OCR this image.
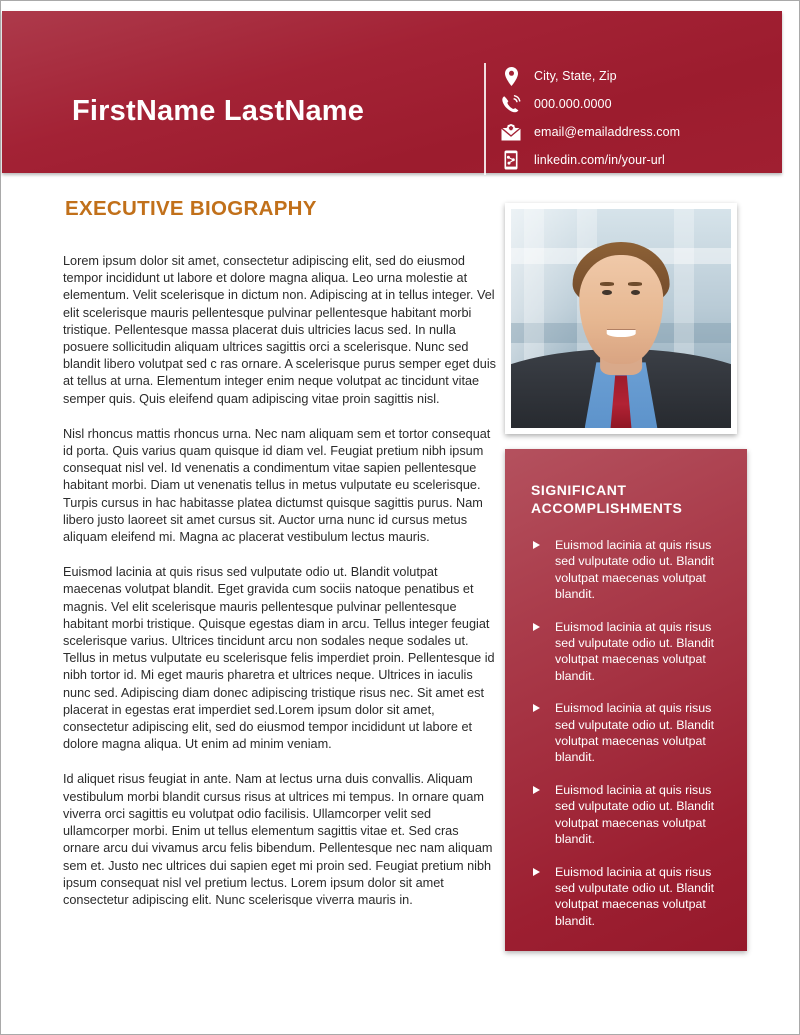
FirstName LastName
City, State, Zip
000.000.0000
email@emailaddress.com
linkedin.com/in/your-url
EXECUTIVE BIOGRAPHY

Lorem ipsum dolor sit amet, consectetur adipiscing elit, sed do eiusmod tempor incididunt ut labore et dolore magna aliqua. Leo urna molestie at elementum. Velit scelerisque in dictum non. Adipiscing at in tellus integer. Vel elit scelerisque mauris pellentesque pulvinar pellentesque habitant morbi tristique. Pellentesque massa placerat duis ultricies lacus sed. In nulla posuere sollicitudin aliquam ultrices sagittis orci a scelerisque. Nunc sed blandit libero volutpat sed c ras ornare. A scelerisque purus semper eget duis at tellus at urna. Elementum integer enim neque volutpat ac tincidunt vitae semper quis. Quis eleifend quam adipiscing vitae proin sagittis nisl.

Nisl rhoncus mattis rhoncus urna. Nec nam aliquam sem et tortor consequat id porta. Quis varius quam quisque id diam vel. Feugiat pretium nibh ipsum consequat nisl vel. Id venenatis a condimentum vitae sapien pellentesque habitant morbi. Diam ut venenatis tellus in metus vulputate eu scelerisque. Turpis cursus in hac habitasse platea dictumst quisque sagittis purus. Nam libero justo laoreet sit amet cursus sit. Auctor urna nunc id cursus metus aliquam eleifend mi. Magna ac placerat vestibulum lectus mauris.

Euismod lacinia at quis risus sed vulputate odio ut. Blandit volutpat maecenas volutpat blandit. Eget gravida cum sociis natoque penatibus et magnis. Vel elit scelerisque mauris pellentesque pulvinar pellentesque habitant morbi tristique. Quisque egestas diam in arcu. Tellus integer feugiat scelerisque varius. Ultrices tincidunt arcu non sodales neque sodales ut. Tellus in metus vulputate eu scelerisque felis imperdiet proin. Pellentesque id nibh tortor id. Mi eget mauris pharetra et ultrices neque. Ultrices in iaculis nunc sed. Adipiscing diam donec adipiscing tristique risus nec. Sit amet est placerat in egestas erat imperdiet sed.Lorem ipsum dolor sit amet, consectetur adipiscing elit, sed do eiusmod tempor incididunt ut labore et dolore magna aliqua. Ut enim ad minim veniam.

Id aliquet risus feugiat in ante. Nam at lectus urna duis convallis. Aliquam vestibulum morbi blandit cursus risus at ultrices mi tempus. In ornare quam viverra orci sagittis eu volutpat odio facilisis. Ullamcorper velit sed ullamcorper morbi. Enim ut tellus elementum sagittis vitae et. Sed cras ornare arcu dui vivamus arcu felis bibendum. Pellentesque nec nam aliquam sem et. Justo nec ultrices dui sapien eget mi proin sed. Feugiat pretium nibh ipsum consequat nisl vel pretium lectus. Lorem ipsum dolor sit amet consectetur adipiscing elit. Nunc scelerisque viverra mauris in.

SIGNIFICANT ACCOMPLISHMENTS
Euismod lacinia at quis risus sed vulputate odio ut. Blandit volutpat maecenas volutpat blandit.
Euismod lacinia at quis risus sed vulputate odio ut. Blandit volutpat maecenas volutpat blandit.
Euismod lacinia at quis risus sed vulputate odio ut. Blandit volutpat maecenas volutpat blandit.
Euismod lacinia at quis risus sed vulputate odio ut. Blandit volutpat maecenas volutpat blandit.
Euismod lacinia at quis risus sed vulputate odio ut. Blandit volutpat maecenas volutpat blandit.
